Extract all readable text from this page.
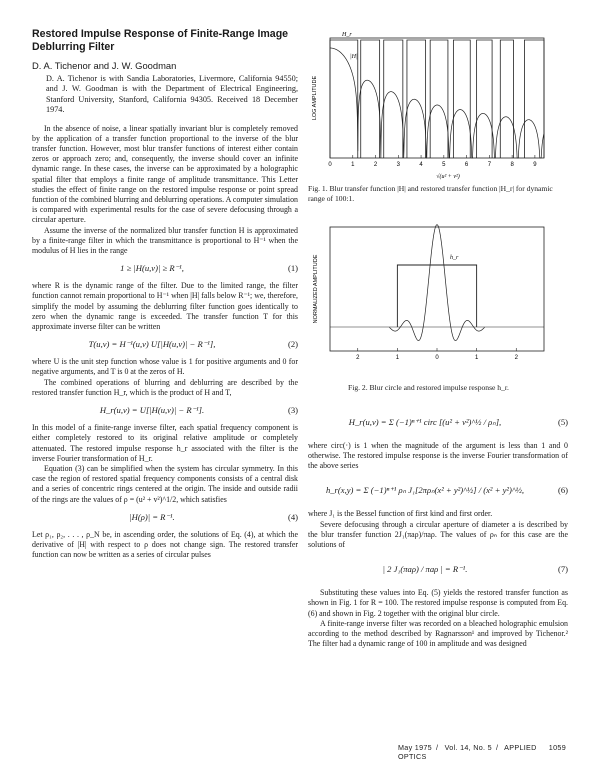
Restored Impulse Response of Finite-Range Image Deblurring Filter
D. A. Tichenor and J. W. Goodman

D. A. Tichenor is with Sandia Laboratories, Livermore, California 94550; and J. W. Goodman is with the Department of Electrical Engineering, Stanford University, Stanford, California 94305. Received 18 December 1974.

In the absence of noise, a linear spatially invariant blur is completely removed by the application of a transfer function proportional to the inverse of the blur transfer function. However, most blur transfer functions of interest either contain zeros or approach zero; and, consequently, the inverse should cover an infinite dynamic range. In these cases, the inverse can be approximated by a holographic spatial filter that employs a finite range of amplitude transmittance. This Letter studies the effect of finite range on the restored impulse response or point spread function of the combined blurring and deblurring operations. A computer simulation is compared with experimental results for the case of severe defocusing through a circular aperture.

Assume the inverse of the normalized blur transfer function H is approximated by a finite-range filter in which the transmittance is proportional to H⁻¹ when the modulus of H lies in the range

1 ≥ |H(u,v)| ≥ R⁻¹,	(1)

where R is the dynamic range of the filter. Due to the limited range, the filter function cannot remain proportional to H⁻¹ when |H| falls below R⁻¹; we, therefore, simplify the model by assuming the deblurring filter function goes identically to zero when the dynamic range is exceeded. The transfer function T for this approximate inverse filter can be written

T(u,v) = H⁻¹(u,v) U[|H(u,v)| − R⁻¹],	(2)

where U is the unit step function whose value is 1 for positive arguments and 0 for negative arguments, and T is 0 at the zeros of H.

The combined operations of blurring and deblurring are described by the restored transfer function H_r, which is the product of H and T,

H_r(u,v) = U[|H(u,v)| − R⁻¹].	(3)

In this model of a finite-range inverse filter, each spatial frequency component is either completely restored to its original relative amplitude or completely attenuated. The restored impulse response h_r associated with the filter is the inverse Fourier transformation of H_r.

Equation (3) can be simplified when the system has circular symmetry. In this case the region of restored spatial frequency components consists of a central disk and a series of concentric rings centered at the origin. The inside and outside radii of the rings are the values of ρ = (u² + v²)^1/2, which satisfies

|H(ρ)| = R⁻¹.	(4)

Let ρ₁, ρ₂, . . . , ρ_N be, in ascending order, the solutions of Eq. (4), at which the derivative of |H| with respect to ρ does not change sign. The restored transfer function can now be written as a series of circular pulses

LOG AMPLITUDE
0	1	2	3	4	5	6	7	8	9
H_r
|H|
√(u² + v²)

Fig. 1. Blur transfer function |H| and restored transfer function |H_r| for dynamic range of 100:1.

NORMALIZED AMPLITUDE
2	1	0	1	2
h_r

Fig. 2. Blur circle and restored impulse response h_r.

H_r(u,v) = Σ (−1)ⁿ⁺¹ circ [(u² + v²)^½ / ρₙ],	(5)

where circ(·) is 1 when the magnitude of the argument is less than 1 and 0 otherwise. The restored impulse response is the inverse Fourier transformation of the above series

h_r(x,y) = Σ (−1)ⁿ⁺¹ ρₙ J₁[2πρₙ(x² + y²)^½] / (x² + y²)^½,	(6)

where J₁ is the Bessel function of first kind and first order.

Severe defocusing through a circular aperture of diameter a is described by the blur transfer function 2J₁(πaρ)/πaρ. The values of ρₙ for this case are the solutions of

| 2 J₁(πaρ) / πaρ | = R⁻¹.	(7)

Substituting these values into Eq. (5) yields the restored transfer function as shown in Fig. 1 for R = 100. The restored impulse response is computed from Eq. (6) and shown in Fig. 2 together with the original blur circle.

A finite-range inverse filter was recorded on a bleached holographic emulsion according to the method described by Ragnarsson¹ and improved by Tichenor.² The filter had a dynamic range of 100 in amplitude and was designed

May 1975 / Vol. 14, No. 5 / APPLIED OPTICS
1059
